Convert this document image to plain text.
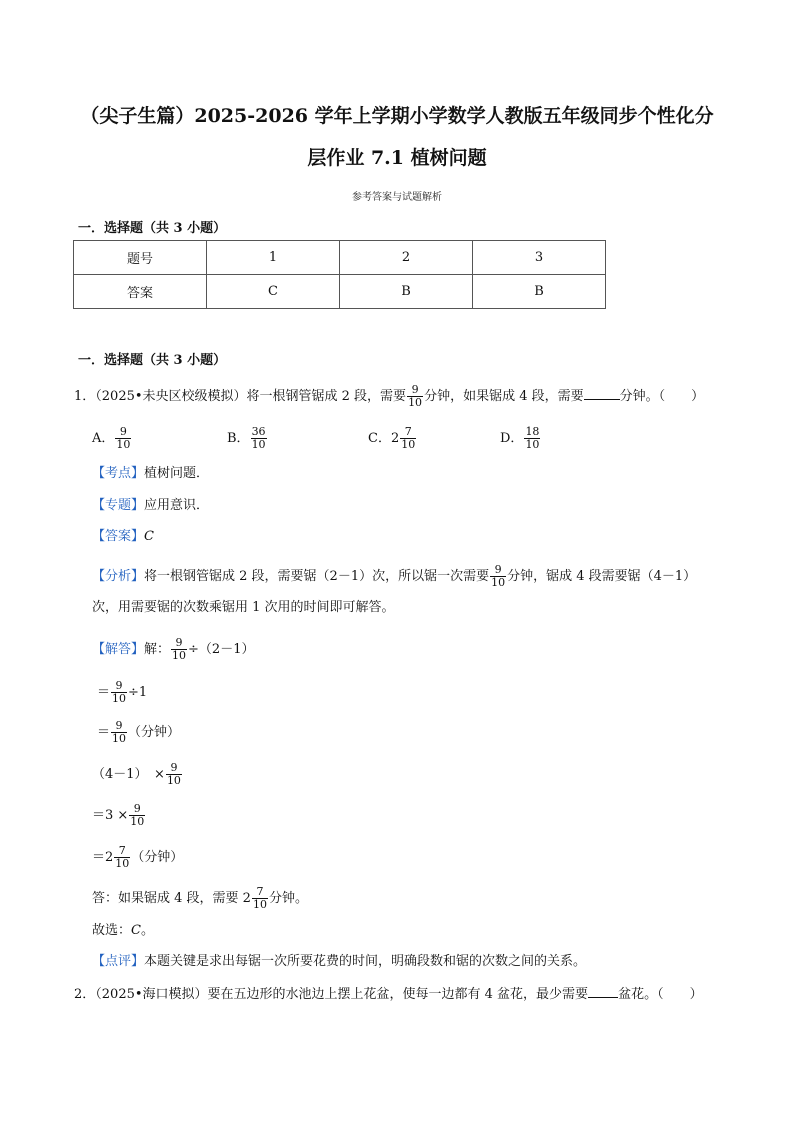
（尖子生篇）2025-2026 学年上学期小学数学人教版五年级同步个性化分
层作业 7.1 植树问题
参考答案与试题解析
一．选择题（共 3 小题）
题号	1	2	3
答案	C	B	B
一．选择题（共 3 小题）
1．（2025•未央区校级模拟）将一根钢管锯成 2 段，需要 $\frac{9}{10}$ 分钟，如果锯成 4 段，需要	分钟。（　　）
A． $\frac{9}{10}$	B． $\frac{36}{10}$	C．$2 \frac{7}{10}$	D． $\frac{18}{10}$
【考点】植树问题．
【专题】应用意识．
【答案】C
【分析】将一根钢管锯成 2 段，需要锯（2－1）次，所以锯一次需要 $\frac{9}{10}$ 分钟，锯成 4 段需要锯（4－1）
次，用需要锯的次数乘锯用 1 次用的时间即可解答。
【解答】解： $\frac{9}{10} \div(2-1)$
＝ $\frac{9}{10} \div 1$
＝ $\frac{9}{10}$ （分钟）
（4－1）　× $\frac{9}{10}$
$=3 \times \frac{9}{10}$
$=2 \frac{7}{10}$ （分钟）
答：如果锯成 4 段，需要 $2 \frac{7}{10}$ 分钟。
故选：C。
【点评】本题关键是求出每锯一次所要花费的时间，明确段数和锯的次数之间的关系。
2．（2025•海口模拟）要在五边形的水池边上摆上花盆，使每一边都有 4 盆花，最少需要 盆花。（　　）
